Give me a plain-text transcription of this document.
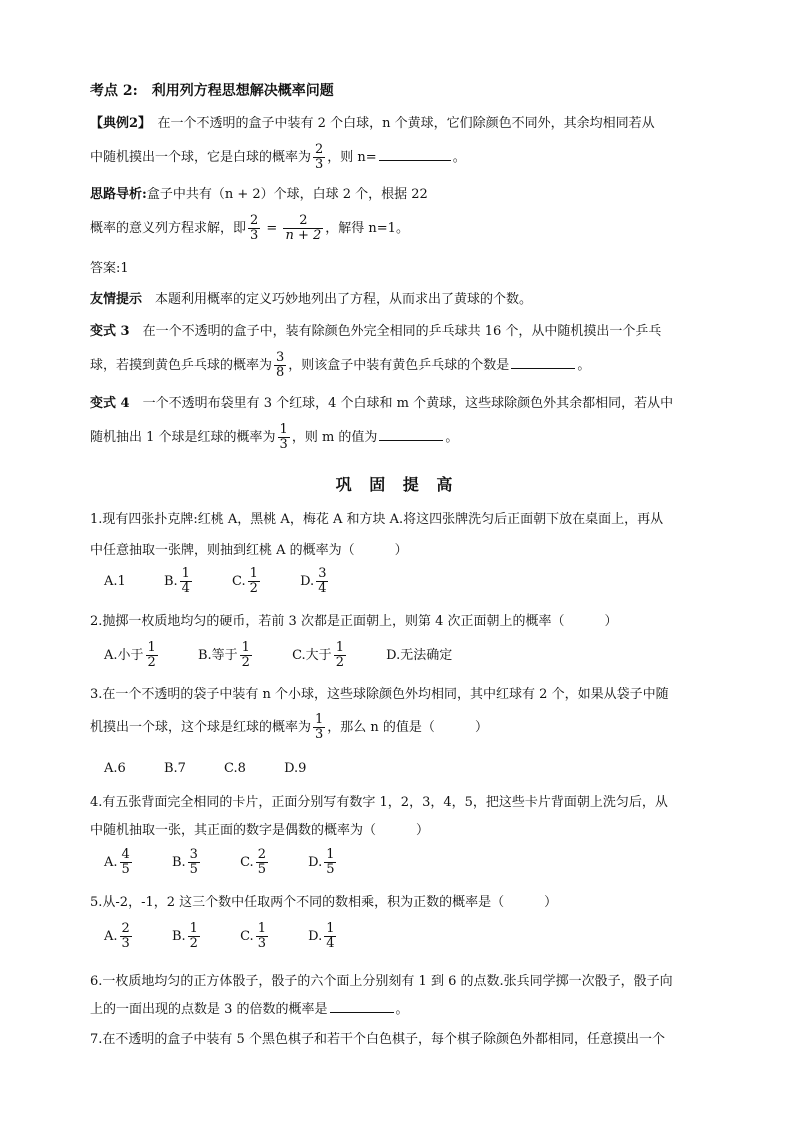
考点 2:　利用列方程思想解决概率问题
【典例2】　在一个不透明的盒子中装有 2 个白球，n 个黄球，它们除颜色不同外，其余均相同若从
中随机摸出一个球，它是白球的概率为 $\frac{2}{3}$ ，则 n=	。
思路导析:盒子中共有（n + 2）个球，白球 2 个，根据 22
概率的意义列方程求解，即 $\frac{2}{3} = \frac{2}{n + 2}$ ，解得 n=1。
答案:1
友情提示　本题利用概率的定义巧妙地列出了方程，从而求出了黄球的个数。
变式 3　在一个不透明的盒子中，装有除颜色外完全相同的乒乓球共 16 个，从中随机摸出一个乒乓
球，若摸到黄色乒乓球的概率为 $\frac{3}{8}$ ，则该盒子中装有黄色乒乓球的个数是	。
变式 4　一个不透明布袋里有 3 个红球，4 个白球和 m 个黄球，这些球除颜色外其余都相同，若从中
随机抽出 1 个球是红球的概率为 $\frac{1}{3}$ ，则 m 的值为	。
巩 固 提 高
1.现有四张扑克牌:红桃 A，黑桃 A，梅花 A 和方块 A.将这四张牌洗匀后正面朝下放在桌面上，再从
中任意抽取一张牌，则抽到红桃 A 的概率为（	）
A.1	B. $\frac{1}{4}$	C. $\frac{1}{2}$	D. $\frac{3}{4}$
2.抛掷一枚质地均匀的硬币，若前 3 次都是正面朝上，则第 4 次正面朝上的概率（	）
A.小于 $\frac{1}{2}$	B.等于 $\frac{1}{2}$	C.大于 $\frac{1}{2}$	D.无法确定
3.在一个不透明的袋子中装有 n 个小球，这些球除颜色外均相同，其中红球有 2 个，如果从袋子中随
机摸出一个球，这个球是红球的概率为 $\frac{1}{3}$ ，那么 n 的值是（	）
A.6	B.7	C.8	D.9
4.有五张背面完全相同的卡片，正面分别写有数字 1，2，3，4，5，把这些卡片背面朝上洗匀后，从
中随机抽取一张，其正面的数字是偶数的概率为（	）
A. $\frac{4}{5}$	B. $\frac{3}{5}$	C. $\frac{2}{5}$	D. $\frac{1}{5}$
5.从-2，-1，2 这三个数中任取两个不同的数相乘，积为正数的概率是（	）
A. $\frac{2}{3}$	B. $\frac{1}{2}$	C. $\frac{1}{3}$	D. $\frac{1}{4}$
6.一枚质地均匀的正方体骰子，骰子的六个面上分别刻有 1 到 6 的点数.张兵同学掷一次骰子，骰子向
上的一面出现的点数是 3 的倍数的概率是	。
7.在不透明的盒子中装有 5 个黑色棋子和若干个白色棋子，每个棋子除颜色外都相同，任意摸出一个
